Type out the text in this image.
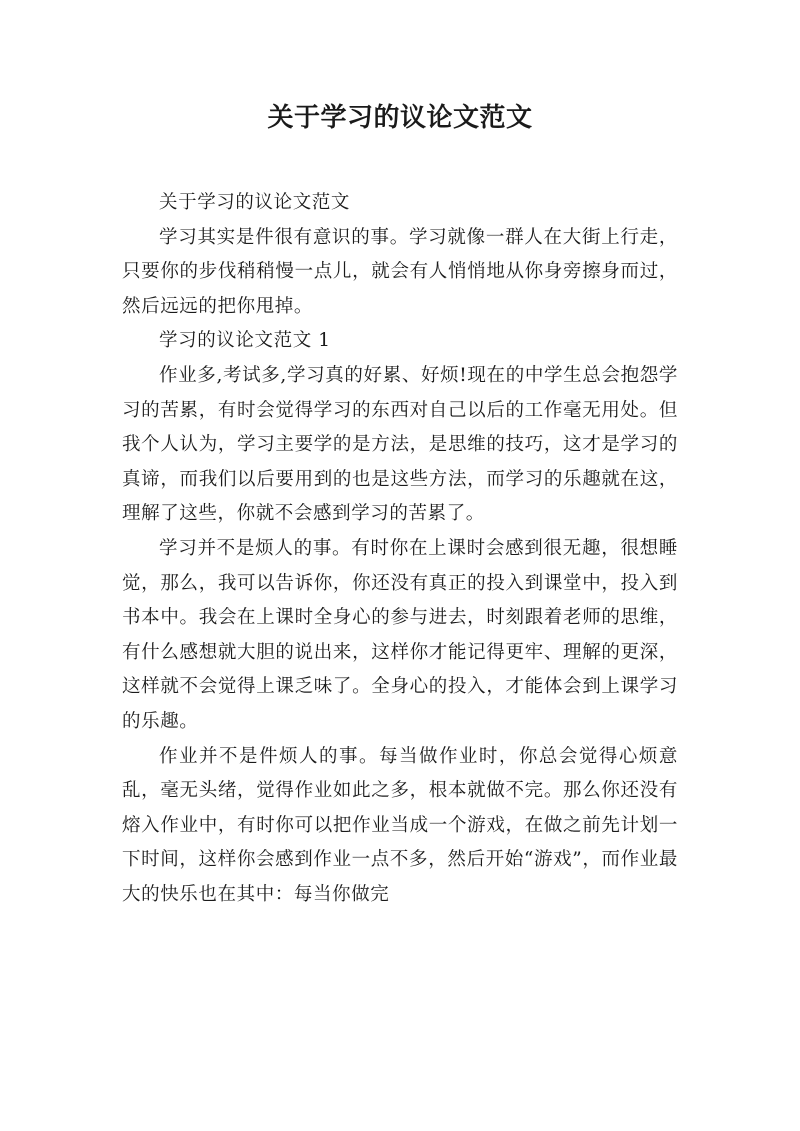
关于学习的议论文范文

关于学习的议论文范文

学习其实是件很有意识的事。学习就像一群人在大街上行走，只要你的步伐稍稍慢一点儿，就会有人悄悄地从你身旁擦身而过，然后远远的把你甩掉。

学习的议论文范文 1

作业多,考试多,学习真的好累、好烦!现在的中学生总会抱怨学习的苦累，有时会觉得学习的东西对自己以后的工作毫无用处。但我个人认为，学习主要学的是方法，是思维的技巧，这才是学习的真谛，而我们以后要用到的也是这些方法，而学习的乐趣就在这，理解了这些，你就不会感到学习的苦累了。

学习并不是烦人的事。有时你在上课时会感到很无趣，很想睡觉，那么，我可以告诉你，你还没有真正的投入到课堂中，投入到书本中。我会在上课时全身心的参与进去，时刻跟着老师的思维，有什么感想就大胆的说出来，这样你才能记得更牢、理解的更深，这样就不会觉得上课乏味了。全身心的投入，才能体会到上课学习的乐趣。

作业并不是件烦人的事。每当做作业时，你总会觉得心烦意乱，毫无头绪，觉得作业如此之多，根本就做不完。那么你还没有熔入作业中，有时你可以把作业当成一个游戏，在做之前先计划一下时间，这样你会感到作业一点不多，然后开始“游戏”，而作业最大的快乐也在其中：每当你做完
